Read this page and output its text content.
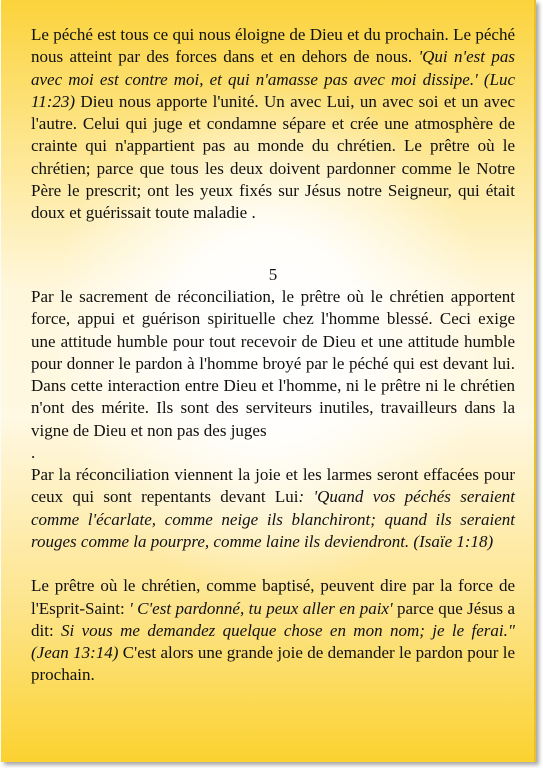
Le péché est tous ce qui nous éloigne de Dieu et du prochain. Le péché nous atteint par des forces dans et en dehors de nous. 'Qui n'est pas avec moi est contre moi, et qui n'amasse pas avec moi dissipe.' (Luc 11:23) Dieu nous apporte l'unité. Un avec Lui, un avec soi et un avec l'autre. Celui qui juge et condamne sépare et crée une atmosphère de crainte qui n'appartient pas au monde du chrétien. Le prêtre où le chrétien; parce que tous les deux doivent pardonner comme le Notre Père le prescrit; ont les yeux fixés sur Jésus notre Seigneur, qui était doux et guérissait toute maladie .

5

Par le sacrement de réconciliation, le prêtre où le chrétien apportent force, appui et guérison spirituelle chez l'homme blessé. Ceci exige une attitude humble pour tout recevoir de Dieu et une attitude humble pour donner le pardon à l'homme broyé par le péché qui est devant lui. Dans cette interaction entre Dieu et l'homme, ni le prêtre ni le chrétien n'ont des mérite. Ils sont des serviteurs inutiles, travailleurs dans la vigne de Dieu et non pas des juges

.

Par la réconciliation viennent la joie et les larmes seront effacées pour ceux qui sont repentants devant Lui: 'Quand vos péchés seraient comme l'écarlate, comme neige ils blanchiront; quand ils seraient rouges comme la pourpre, comme laine ils deviendront. (Isaïe 1:18)

Le prêtre où le chrétien, comme baptisé, peuvent dire par la force de l'Esprit-Saint: ' C'est pardonné, tu peux aller en paix' parce que Jésus a dit: Si vous me demandez quelque chose en mon nom; je le ferai."(Jean 13:14) C'est alors une grande joie de demander le pardon pour le prochain.
